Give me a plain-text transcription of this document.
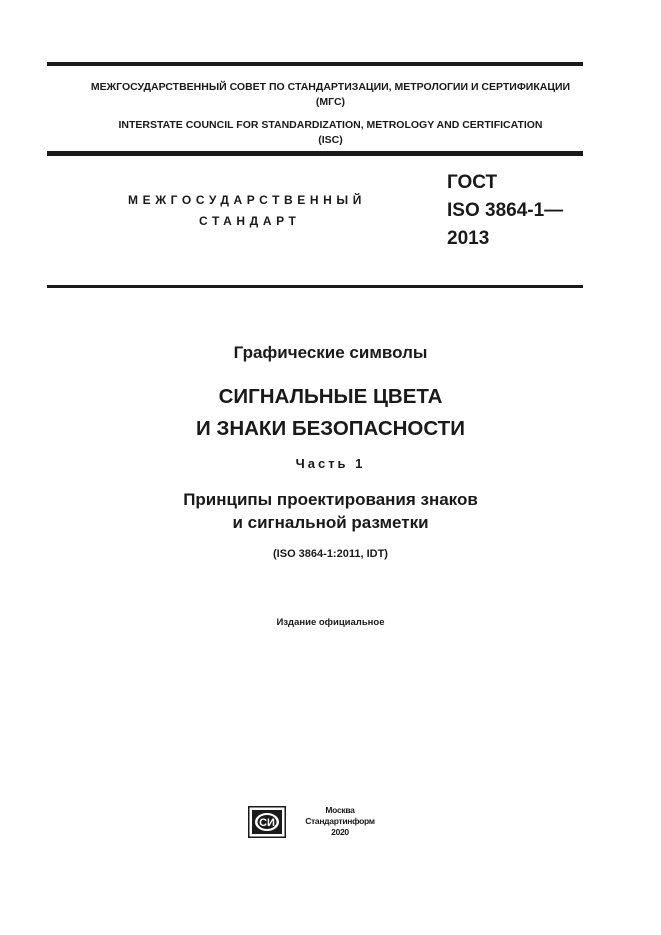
МЕЖГОСУДАРСТВЕННЫЙ СОВЕТ ПО СТАНДАРТИЗАЦИИ, МЕТРОЛОГИИ И СЕРТИФИКАЦИИ
(МГС)
INTERSTATE COUNCIL FOR STANDARDIZATION, METROLOGY AND CERTIFICATION
(ISC)
МЕЖГОСУДАРСТВЕННЫЙ
СТАНДАРТ
ГОСТ
ISO 3864-1—
2013
Графические символы
СИГНАЛЬНЫЕ ЦВЕТА
И ЗНАКИ БЕЗОПАСНОСТИ
Часть 1
Принципы проектирования знаков
и сигнальной разметки
(ISO 3864-1:2011, IDT)
Издание официальное
СИ
Москва
Стандартинформ
2020
